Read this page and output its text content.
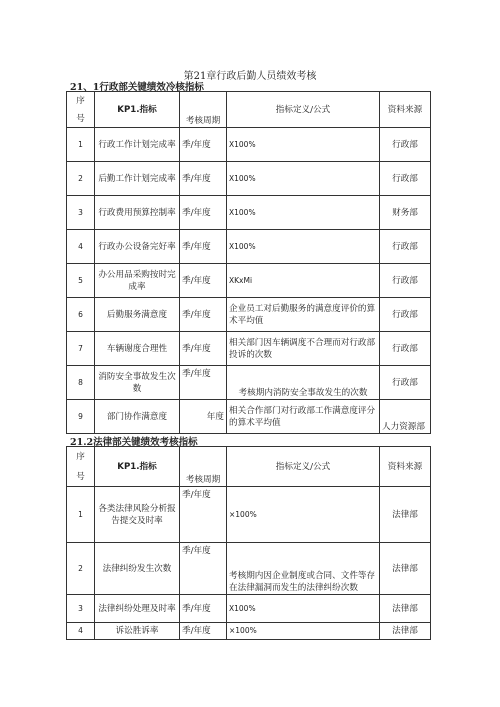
第21章行政后勤人员绩效考核
21、1行政部关键绩效冷核指标
序
号	KP1.指标	考核周期	指标定义/公式	资料来源
1	行政工作计划完成率	季/年度	X100%	行政部
2	后勤工作计划完成率	季/年度	X100%	行政部
3	行政费用预算控制率	季/年度	X100%	财务部
4	行政办公设备完好率	季/年度	X100%	行政部
5	办公用品采购按时完成率	季/年度	XKxMi	行政部
6	后勤服务满意度	季/年度	企业员工对后勤服务的满意度评价的算术平均值	行政部
7	车辆谢度合理性	季/年度	相关部门因车辆调度不合理而对行政部投诉的次数	行政部
8	消防安全事故发生次数	季/年度	考核期内消防安全事故发生的次数	行政部
9	部门协作满意度	年度	相关合作部门对行政部工作满意度评分的算术平均值	人力资源部
21.2法律部关键绩效考核指标
序
号	KP1.指标	考核周期	指标定义/公式	资料来源
1	各类法律风险分析报告提交及时率	季/年度	×100%	法律部
2	法律纠纷发生次数	季/年度	考核期内因企业制度或合同、文件等存在法律漏洞而发生的法律纠纷次数	法律部
3	法律纠纷处理及时率	季/年度	X100%	法律部
4	诉讼胜诉率	季/年度	×100%	法律部
